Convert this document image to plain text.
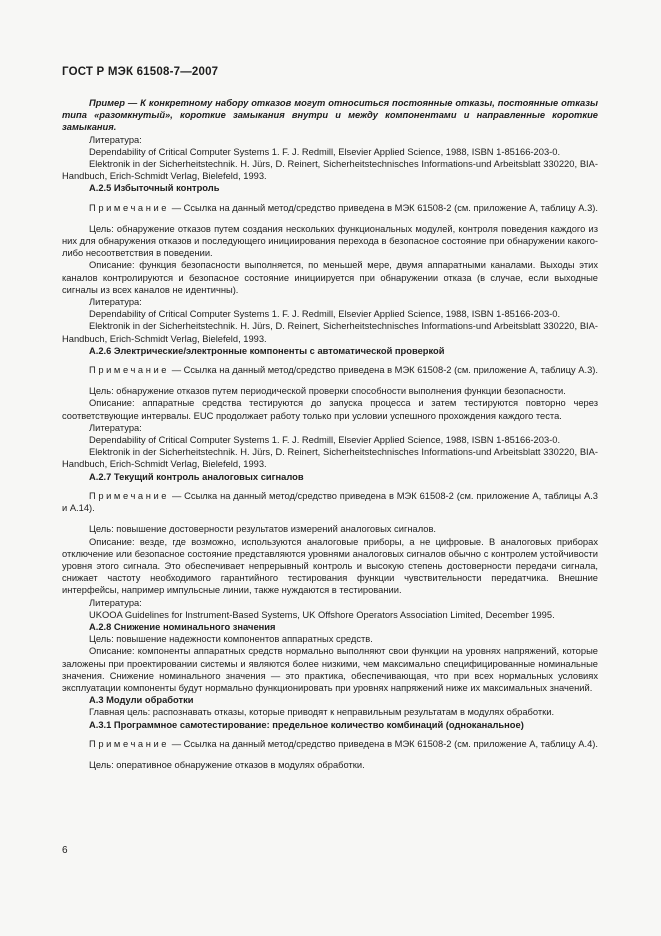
ГОСТ Р МЭК 61508-7—2007

Пример — К конкретному набору отказов могут относиться постоянные отказы, постоянные отказы типа «разомкнутый», короткие замыкания внутри и между компонентами и направленные короткие замыкания.

Литература:

Dependability of Critical Computer Systems 1. F. J. Redmill, Elsevier Applied Science, 1988, ISBN 1-85166-203-0.

Elektronik in der Sicherheitstechnik. H. Jürs, D. Reinert, Sicherheitstechnisches Informations-und Arbeitsblatt 330220, BIA-Handbuch, Erich-Schmidt Verlag, Bielefeld, 1993.

А.2.5 Избыточный контроль

Примечание — Ссылка на данный метод/средство приведена в МЭК 61508-2 (см. приложение А, таблицу А.3).

Цель: обнаружение отказов путем создания нескольких функциональных модулей, контроля поведения каждого из них для обнаружения отказов и последующего инициирования перехода в безопасное состояние при обнаружении какого-либо несоответствия в поведении.

Описание: функция безопасности выполняется, по меньшей мере, двумя аппаратными каналами. Выходы этих каналов контролируются и безопасное состояние инициируется при обнаружении отказа (в случае, если выходные сигналы из всех каналов не идентичны).

Литература:

Dependability of Critical Computer Systems 1. F. J. Redmill, Elsevier Applied Science, 1988, ISBN 1-85166-203-0.

Elektronik in der Sicherheitstechnik. H. Jürs, D. Reinert, Sicherheitstechnisches Informations-und Arbeitsblatt 330220, BIA-Handbuch, Erich-Schmidt Verlag, Bielefeld, 1993.

А.2.6 Электрические/электронные компоненты с автоматической проверкой

Примечание — Ссылка на данный метод/средство приведена в МЭК 61508-2 (см. приложение А, таблицу А.3).

Цель: обнаружение отказов путем периодической проверки способности выполнения функции безопасности.

Описание: аппаратные средства тестируются до запуска процесса и затем тестируются повторно через соответствующие интервалы. EUC продолжает работу только при условии успешного прохождения каждого теста.

Литература:

Dependability of Critical Computer Systems 1. F. J. Redmill, Elsevier Applied Science, 1988, ISBN 1-85166-203-0.

Elektronik in der Sicherheitstechnik. H. Jürs, D. Reinert, Sicherheitstechnisches Informations-und Arbeitsblatt 330220, BIA-Handbuch, Erich-Schmidt Verlag, Bielefeld, 1993.

А.2.7 Текущий контроль аналоговых сигналов

Примечание — Ссылка на данный метод/средство приведена в МЭК 61508-2 (см. приложение А, таблицы А.3 и А.14).

Цель: повышение достоверности результатов измерений аналоговых сигналов.

Описание: везде, где возможно, используются аналоговые приборы, а не цифровые. В аналоговых приборах отключение или безопасное состояние представляются уровнями аналоговых сигналов обычно с контролем устойчивости уровня этого сигнала. Это обеспечивает непрерывный контроль и высокую степень достоверности передачи сигнала, снижает частоту необходимого гарантийного тестирования функции чувствительности передатчика. Внешние интерфейсы, например импульсные линии, также нуждаются в тестировании.

Литература:

UKOOA Guidelines for Instrument-Based Systems, UK Offshore Operators Association Limited, December 1995.

А.2.8 Снижение номинального значения

Цель: повышение надежности компонентов аппаратных средств.

Описание: компоненты аппаратных средств нормально выполняют свои функции на уровнях напряжений, которые заложены при проектировании системы и являются более низкими, чем максимально специфицированные номинальные значения. Снижение номинального значения — это практика, обеспечивающая, что при всех нормальных условиях эксплуатации компоненты будут нормально функционировать при уровнях напряжений ниже их максимальных значений.

А.3 Модули обработки

Главная цель: распознавать отказы, которые приводят к неправильным результатам в модулях обработки.

А.3.1 Программное самотестирование: предельное количество комбинаций (одноканальное)

Примечание — Ссылка на данный метод/средство приведена в МЭК 61508-2 (см. приложение А, таблицу А.4).

Цель: оперативное обнаружение отказов в модулях обработки.

6
